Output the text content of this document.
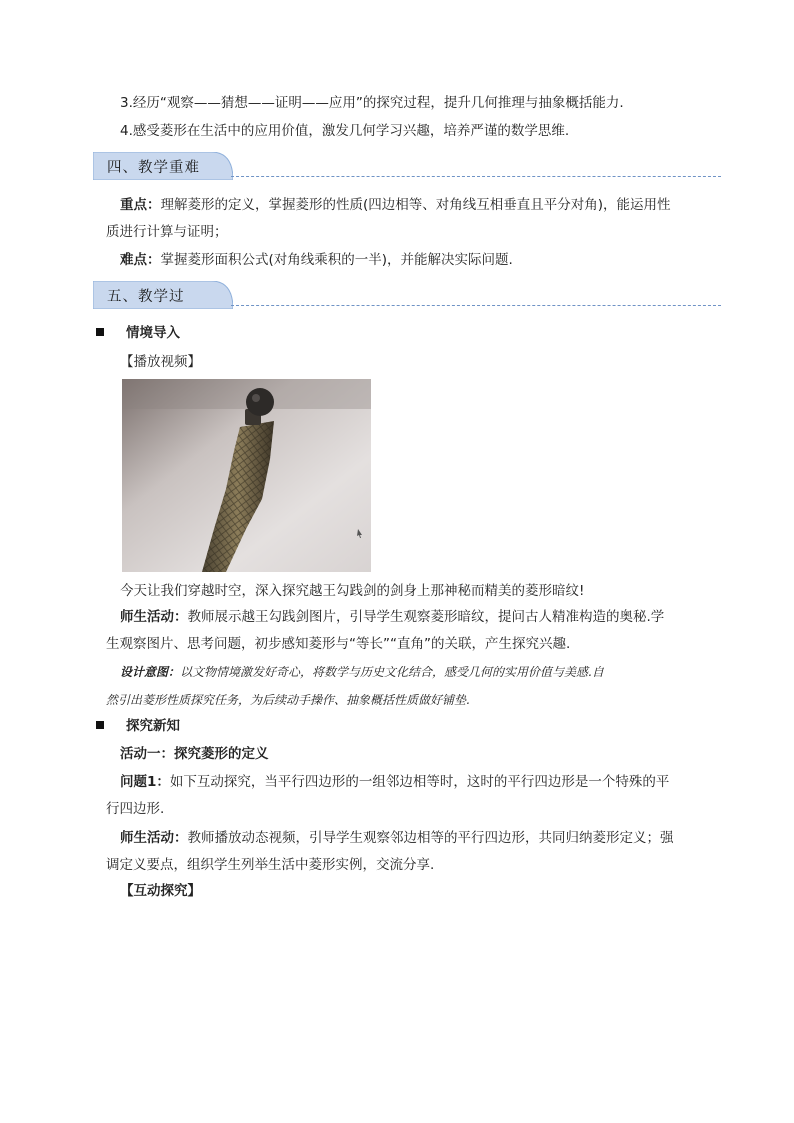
3.经历“观察——猜想——证明——应用”的探究过程，提升几何推理与抽象概括能力.
4.感受菱形在生活中的应用价值，激发几何学习兴趣，培养严谨的数学思维.
四、教学重难
重点：理解菱形的定义，掌握菱形的性质(四边相等、对角线互相垂直且平分对角)，能运用性
质进行计算与证明；
难点：掌握菱形面积公式(对角线乘积的一半)，并能解决实际问题.
五、教学过
情境导入
【播放视频】
今天让我们穿越时空，深入探究越王勾践剑的剑身上那神秘而精美的菱形暗纹!
师生活动：教师展示越王勾践剑图片，引导学生观察菱形暗纹，提问古人精准构造的奥秘.学
生观察图片、思考问题，初步感知菱形与“等长”“直角”的关联，产生探究兴趣.
设计意图：以文物情境激发好奇心，将数学与历史文化结合，感受几何的实用价值与美感.自
然引出菱形性质探究任务，为后续动手操作、抽象概括性质做好铺垫.
探究新知
活动一：探究菱形的定义
问题1：如下互动探究，当平行四边形的一组邻边相等时，这时的平行四边形是一个特殊的平
行四边形.
师生活动：教师播放动态视频，引导学生观察邻边相等的平行四边形，共同归纳菱形定义；强
调定义要点，组织学生列举生活中菱形实例，交流分享.
【互动探究】
